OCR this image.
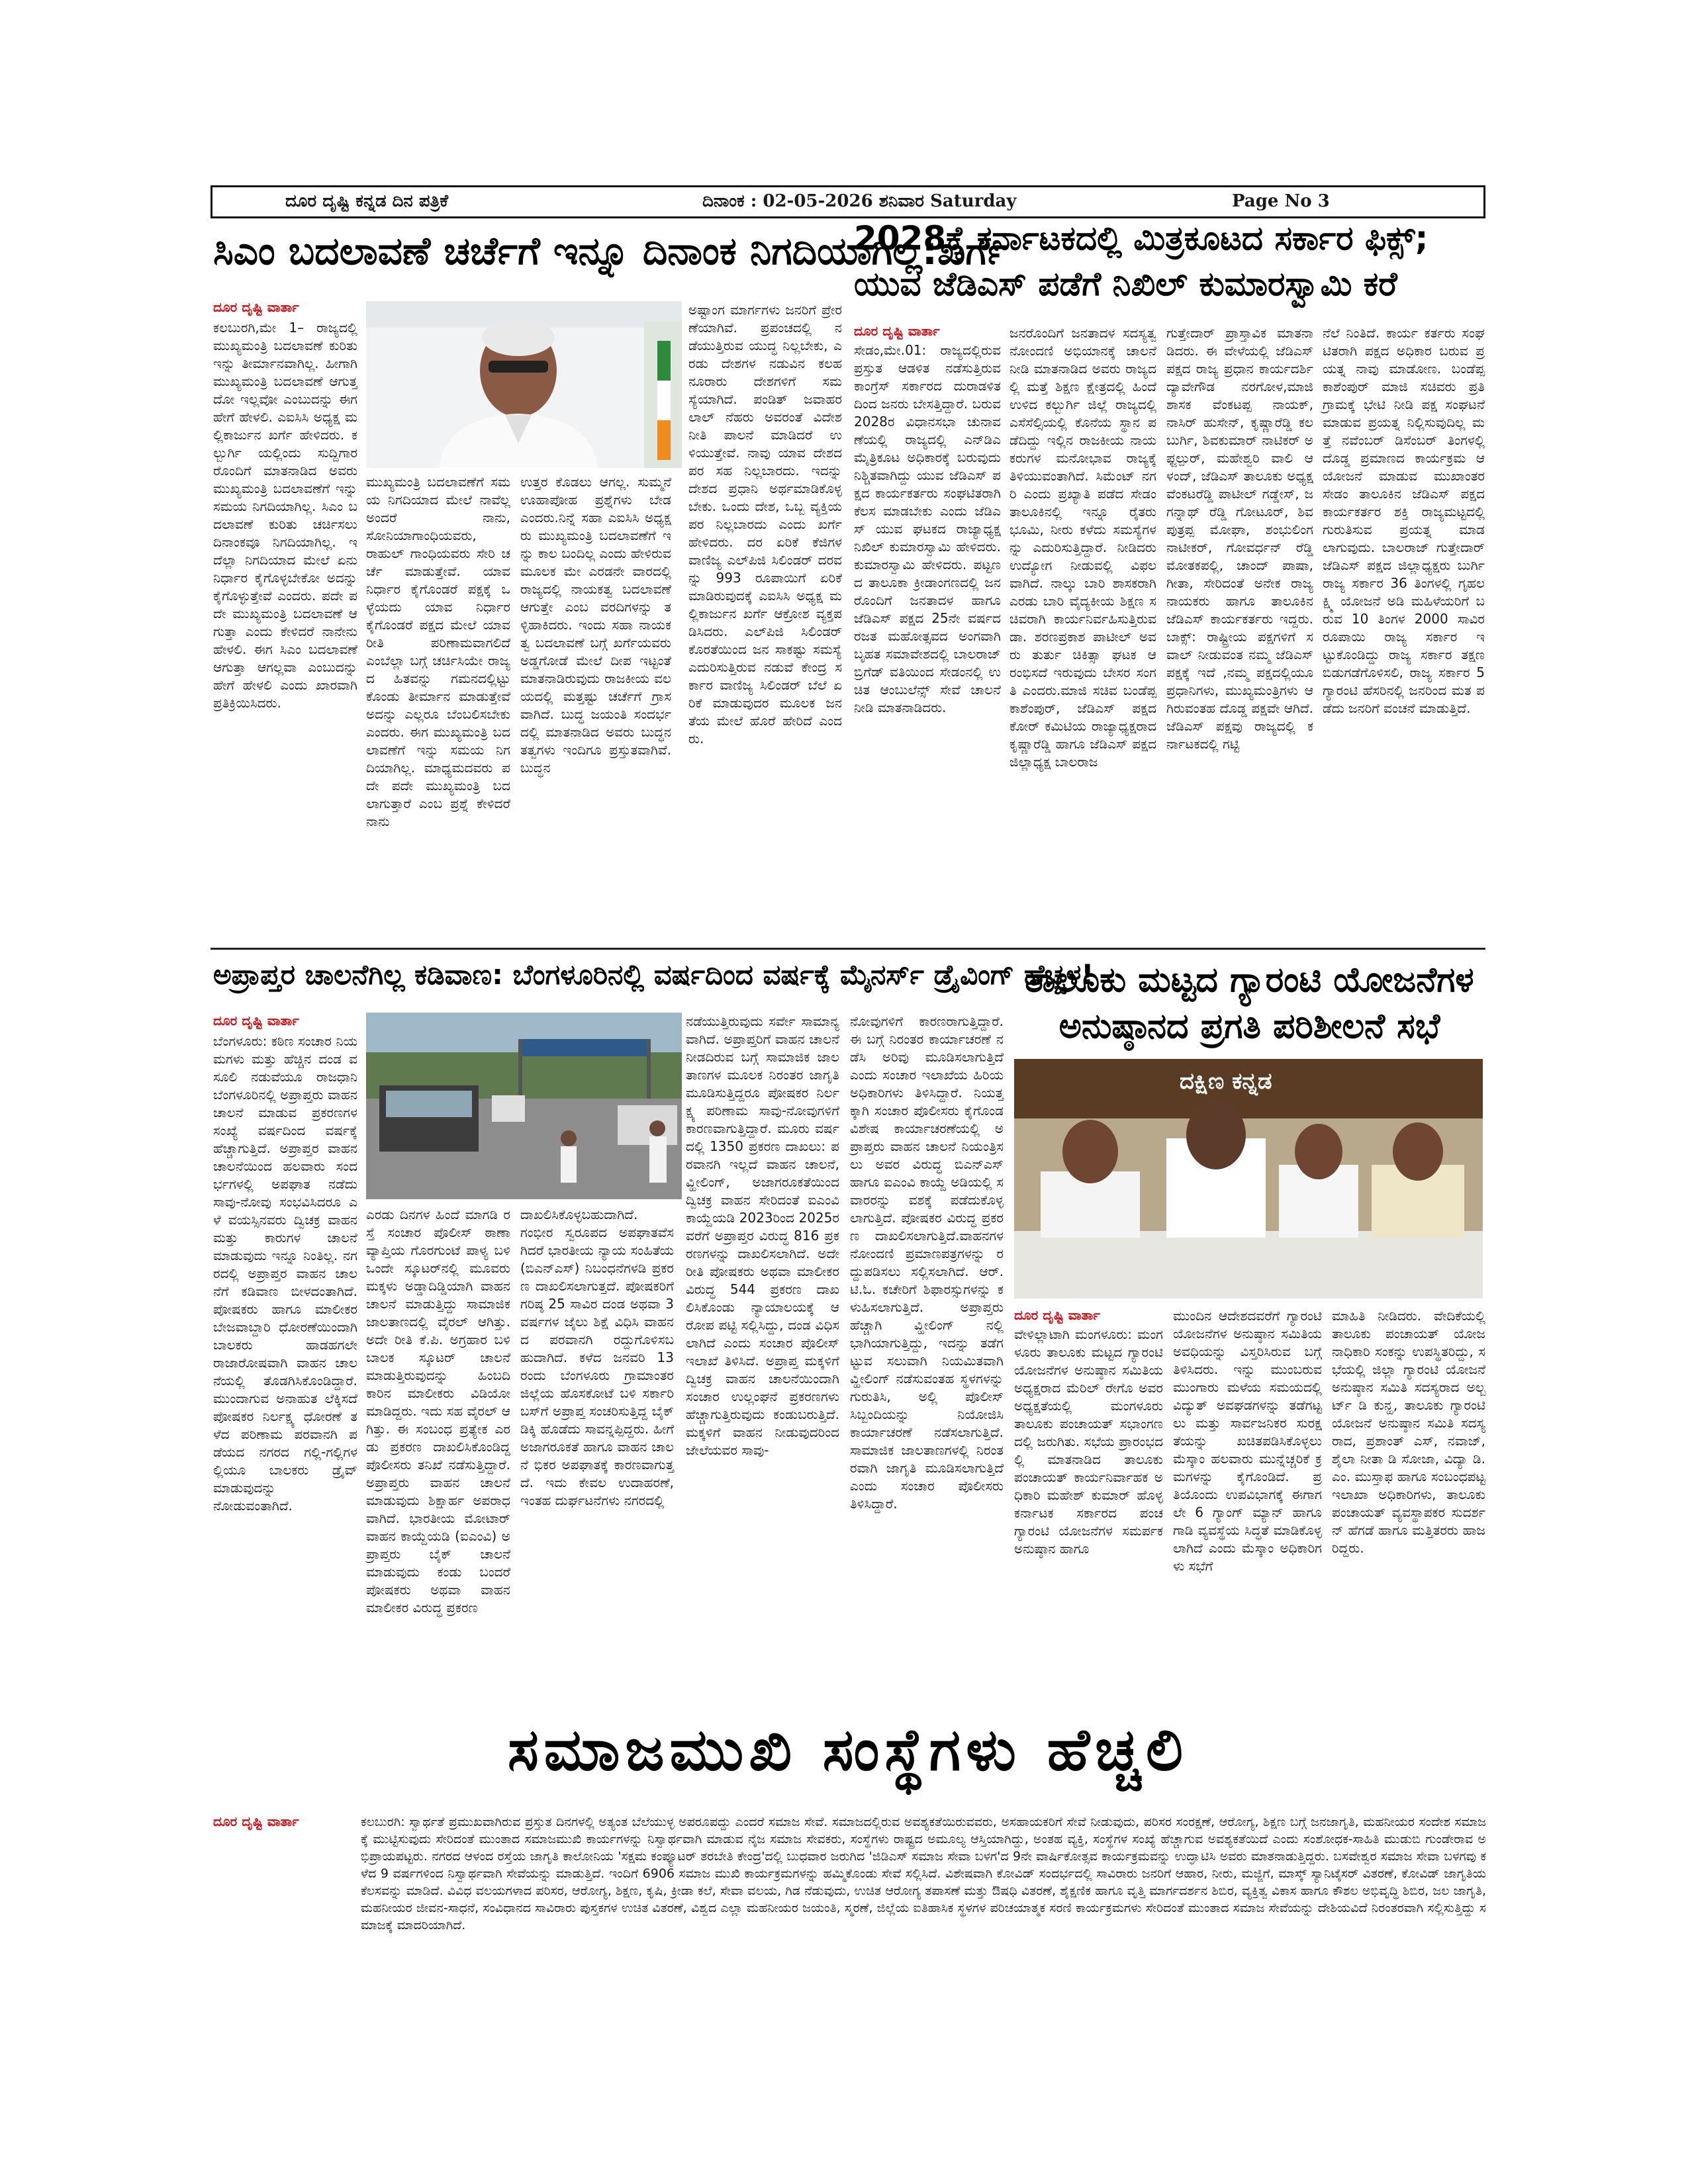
ದೂರ ದೃಷ್ಟಿ ಕನ್ನಡ ದಿನ ಪತ್ರಿಕೆ	ದಿನಾಂಕ : 02-05-2026 ಶನಿವಾರ Saturday	Page No 3
ಸಿಎಂ ಬದಲಾವಣೆ ಚರ್ಚೆಗೆ ಇನ್ನೂ ದಿನಾಂಕ ನಿಗದಿಯಾಗಿಲ್ಲ:ಖರ್ಗೆ
ದೂರ ದೃಷ್ಟಿ ವಾರ್ತಾ
ಕಲಬುರಗಿ,ಮೇ 1– ರಾಜ್ಯದಲ್ಲಿ ಮುಖ್ಯಮಂತ್ರಿ ಬದಲಾವಣೆ ಕುರಿತು ಇನ್ನು ತೀರ್ಮಾನವಾಗಿಲ್ಲ. ಹೀಗಾಗಿ ಮುಖ್ಯಮಂತ್ರಿ ಬದಲಾವಣೆ ಆಗುತ್ತದೋ ಇಲ್ಲವೋ ಎಂಬುದನ್ನು ಈಗ ಹೇಗೆ ಹೇಳಲಿ. ಎಐಸಿಸಿ ಅಧ್ಯಕ್ಷ ಮಲ್ಲಿಕಾರ್ಜುನ ಖರ್ಗೆ ಹೇಳಿದರು. ಕಲ್ಬುರ್ಗಿ ಯಲ್ಲಿಂದು ಸುದ್ದಿಗಾರ ರೊಂದಿಗೆ ಮಾತನಾಡಿದ ಅವರು ಮುಖ್ಯಮಂತ್ರಿ ಬದಲಾವಣೆಗೆ ಇನ್ನು ಸಮಯ ನಿಗದಿಯಾಗಿಲ್ಲ. ಸಿಎಂ ಬದಲಾವಣೆ ಕುರಿತು ಚರ್ಚಿಸಲು ದಿನಾಂಕವೂ ನಿಗದಿಯಾಗಿಲ್ಲ. ಇದೆಲ್ಲಾ ನಿಗದಿಯಾದ ಮೇಲೆ ಏನು ನಿರ್ಧಾರ ಕೈಗೊಳ್ಳಬೇಕೋ ಅದನ್ನು ಕೈಗೊಳ್ಳುತ್ತೇವೆ ಎಂದರು. ಪದೇ ಪದೇ ಮುಖ್ಯಮಂತ್ರಿ ಬದಲಾವಣೆ ಆಗುತ್ತಾ ಎಂದು ಕೇಳಿದರೆ ನಾನೇನು ಹೇಳಲಿ. ಈಗ ಸಿಎಂ ಬದಲಾವಣೆ ಆಗುತ್ತಾ ಆಗಲ್ಲವಾ ಎಂಬುದನ್ನು ಹೇಗೆ ಹೇಳಲಿ ಎಂದು ಖಾರವಾಗಿ ಪ್ರತಿಕ್ರಿಯಿಸಿದರು.
ಮುಖ್ಯಮಂತ್ರಿ ಬದಲಾವಣೆಗೆ ಸಮಯ ನಿಗದಿಯಾದ ಮೇಲೆ ನಾವೆಲ್ಲ ಅಂದರೆ ನಾನು, ಸೋನಿಯಾಗಾಂಧಿಯವರು, ರಾಹುಲ್ ಗಾಂಧಿಯವರು ಸೇರಿ ಚರ್ಚೆ ಮಾಡುತ್ತೇವೆ. ಯಾವ ನಿರ್ಧಾರ ಕೈಗೊಂಡರೆ ಪಕ್ಷಕ್ಕೆ ಒಳ್ಳೆಯದು ಯಾವ ನಿರ್ಧಾರ ಕೈಗೊಂಡರೆ ಪಕ್ಷದ ಮೇಲೆ ಯಾವ ರೀತಿ ಪರಿಣಾಮವಾಗಲಿದೆ ಎಂಬೆಲ್ಲಾ ಬಗ್ಗೆ ಚರ್ಚಿಸಿಯೇ ರಾಜ್ಯದ ಹಿತವನ್ನು ಗಮನದಲ್ಲಿಟ್ಟು ಕೊಂಡು ತೀರ್ಮಾನ ಮಾಡುತ್ತೇವೆ ಅದನ್ನು ಎಲ್ಲರೂ ಬೆಂಬಲಿಸಬೇಕು ಎಂದರು. ಈಗ ಮುಖ್ಯಮಂತ್ರಿ ಬದಲಾವಣೆಗೆ ಇನ್ನು ಸಮಯ ನಿಗದಿಯಾಗಿಲ್ಲ. ಮಾಧ್ಯಮದವರು ಪದೇ ಪದೇ ಮುಖ್ಯಮಂತ್ರಿ ಬದಲಾಗುತ್ತಾರೆ ಎಂಬ ಪ್ರಶ್ನೆ ಕೇಳಿದರೆ ನಾನು
ಉತ್ತರ ಕೊಡಲು ಆಗಲ್ಲ. ಸುಮ್ಮನೆ ಊಹಾಪೋಹ ಪ್ರಶ್ನೆಗಳು ಬೇಡ ಎಂದರು.ನಿನ್ನೆ ಸಹಾ ಎಐಸಿಸಿ ಅಧ್ಯಕ್ಷರು ಮುಖ್ಯಮಂತ್ರಿ ಬದಲಾವಣೆಗೆ ಇನ್ನು ಕಾಲ ಬಂದಿಲ್ಲ ಎಂದು ಹೇಳಿರುವ ಮೂಲಕ ಮೇ ಎರಡನೇ ವಾರದಲ್ಲಿ ರಾಜ್ಯದಲ್ಲಿ ನಾಯಕತ್ವ ಬದಲಾವಣೆ ಆಗುತ್ತೇ ಎಂಬ ವರದಿಗಳನ್ನು ತಳ್ಳಿಹಾಕಿದರು. ಇಂದು ಸಹಾ ನಾಯಕತ್ವ ಬದಲಾವಣೆ ಬಗ್ಗೆ ಖರ್ಗೆಯವರು ಅಡ್ಡಗೋಡೆ ಮೇಲೆ ದೀಪ ಇಟ್ಟಂತೆ ಮಾತನಾಡಿರುವುದು ರಾಜಕೀಯ ವಲಯದಲ್ಲಿ ಮತ್ತಷ್ಟು ಚರ್ಚೆಗೆ ಗ್ರಾಸವಾಗಿದೆ. ಬುದ್ಧ ಜಯಂತಿ ಸಂದರ್ಭದಲ್ಲಿ ಮಾತನಾಡಿದ ಅವರು ಬುದ್ಧನ ತತ್ವಗಳು ಇಂದಿಗೂ ಪ್ರಸ್ತುತವಾಗಿವೆ. ಬುದ್ಧನ
ಅಷ್ಟಾಂಗ ಮಾರ್ಗಗಳು ಜನರಿಗೆ ಪ್ರೇರಣೆಯಾಗಿವೆ. ಪ್ರಪಂಚದಲ್ಲಿ ನಡೆಯುತ್ತಿರುವ ಯುದ್ಧ ನಿಲ್ಲಬೇಕು, ಎರಡು ದೇಶಗಳ ನಡುವಿನ ಕಲಹ ನೂರಾರು ದೇಶಗಳಿಗೆ ಸಮಸ್ಯೆಯಾಗಿದೆ. ಪಂಡಿತ್ ಜವಾಹರಲಾಲ್ ನೆಹರು ಅವರಂತೆ ವಿದೇಶ ನೀತಿ ಪಾಲನೆ ಮಾಡಿದರೆ ಉಳಿಯುತ್ತೇವೆ. ನಾವು ಯಾವ ದೇಶದ ಪರ ಸಹ ನಿಲ್ಲಬಾರದು. ಇದನ್ನು ದೇಶದ ಪ್ರಧಾನಿ ಅರ್ಥಮಾಡಿಕೊಳ್ಳಬೇಕು. ಒಂದು ದೇಶ, ಒಬ್ಬ ವ್ಯಕ್ತಿಯ ಪರ ನಿಲ್ಲಬಾರದು ಎಂದು ಖರ್ಗೆ ಹೇಳಿದರು. ದರ ಏರಿಕೆ ಕೆಜಿಗಳ ವಾಣಿಜ್ಯ ಎಲ್‌ಪಿಜಿ ಸಿಲಿಂಡರ್ ದರವನ್ನು 993 ರೂಪಾಯಿಗೆ ಏರಿಕೆ ಮಾಡಿರುವುದಕ್ಕೆ ಎಐಸಿಸಿ ಅಧ್ಯಕ್ಷ ಮಲ್ಲಿಕಾರ್ಜುನ ಖರ್ಗೆ ಆಕ್ರೋಶ ವ್ಯಕ್ತಪಡಿಸಿದರು. ಎಲ್‌ಪಿಜಿ ಸಿಲಿಂಡರ್ ಕೊರತೆಯಿಂದ ಜನ ಸಾಕಷ್ಟು ಸಮಸ್ಯೆ ಎದುರಿಸುತ್ತಿರುವ ನಡುವೆ ಕೇಂದ್ರ ಸರ್ಕಾರ ವಾಣಿಜ್ಯ ಸಿಲಿಂಡರ್ ಬೆಲೆ ಏರಿಕೆ ಮಾಡುವುದರ ಮೂಲಕ ಜನತೆಯ ಮೇಲೆ ಹೊರೆ ಹೇರಿದೆ ಎಂದರು.
2028ಕ್ಕೆ ಕರ್ನಾಟಕದಲ್ಲಿ ಮಿತ್ರಕೂಟದ ಸರ್ಕಾರ ಫಿಕ್ಸ್;
ಯುವ ಜೆಡಿಎಸ್ ಪಡೆಗೆ ನಿಖಿಲ್ ಕುಮಾರಸ್ವಾಮಿ ಕರೆ
ದೂರ ದೃಷ್ಟಿ ವಾರ್ತಾ
ಸೇಡಂ,ಮೇ.01: ರಾಜ್ಯದಲ್ಲಿರುವ ಪ್ರಸ್ತುತ ಆಡಳಿತ ನಡೆಸುತ್ತಿರುವ ಕಾಂಗ್ರೆಸ್ ಸರ್ಕಾರದ ದುರಾಡಳಿತದಿಂದ ಜನರು ಬೇಸತ್ತಿದ್ದಾರೆ. ಬರುವ 2028ರ ವಿಧಾನಸಭಾ ಚುನಾವಣೆಯಲ್ಲಿ ರಾಜ್ಯದಲ್ಲಿ ಎನ್‌ಡಿಎ ಮೈತ್ರಿಕೂಟ ಅಧಿಕಾರಕ್ಕೆ ಬರುವುದು ನಿಶ್ಚಿತವಾಗಿದ್ದು ಯುವ ಜೆಡಿಎಸ್ ಪಕ್ಷದ ಕಾರ್ಯಕರ್ತರು ಸಂಘಟಿತರಾಗಿ ಕೆಲಸ ಮಾಡಬೇಕು ಎಂದು ಜೆಡಿಎಸ್ ಯುವ ಘಟಕದ ರಾಜ್ಯಾಧ್ಯಕ್ಷ ನಿಖಿಲ್ ಕುಮಾರಸ್ವಾಮಿ ಹೇಳಿದರು. ಕುಮಾರಸ್ವಾಮಿ ಹೇಳಿದರು. ಪಟ್ಟಣದ ತಾಲೂಕಾ ಕ್ರೀಡಾಂಗಣದಲ್ಲಿ ಜನರೊಂದಿಗೆ ಜನತಾದಳ ಹಾಗೂ ಜೆಡಿಎಸ್ ಪಕ್ಷದ 25ನೇ ವರ್ಷದ ರಜತ ಮಹೋತ್ಸವದ ಅಂಗವಾಗಿ ಬೃಹತ ಸಮಾವೇಶದಲ್ಲಿ ಬಾಲರಾಜ್ ಬ್ರಿಗೆಡ್ ವತಿಯಿಂದ ಸೇಡಂನಲ್ಲಿ ಉಚಿತ ಆಂಬುಲೆನ್ಸ್ ಸೇವೆ ಚಾಲನೆ ನೀಡಿ ಮಾತನಾಡಿದರು.
ಜನರೊಂದಿಗೆ ಜನತಾದಳ ಸದಸ್ಯತ್ವ ನೋಂದಣಿ ಅಭಿಯಾನಕ್ಕೆ ಚಾಲನೆ ನೀಡಿ ಮಾತನಾಡಿದ ಅವರು ರಾಜ್ಯದಲ್ಲಿ ಮತ್ತೆ ಶಿಕ್ಷಣ ಕ್ಷೇತ್ರದಲ್ಲಿ ಹಿಂದೆ ಉಳಿದ ಕಲ್ಬುರ್ಗಿ ಜಿಲ್ಲೆ ರಾಜ್ಯದಲ್ಲಿ ಎಸೆಸೆಲ್ಸಿಯಲ್ಲಿ ಕೊನೆಯ ಸ್ಥಾನ ಪಡೆದಿದ್ದು ಇಲ್ಲಿನ ರಾಜಕೀಯ ನಾಯಕರುಗಳ ಮನೋಭಾವ ರಾಜ್ಯಕ್ಕೆ ತಿಳಿಯುವಂತಾಗಿದೆ. ಸಿಮೆಂಟ್ ನಗರಿ ಎಂದು ಪ್ರಖ್ಯಾತಿ ಪಡೆದ ಸೇಡಂ ತಾಲೂಕಿನಲ್ಲಿ ಇನ್ನೂ ರೈತರು ಭೂಮಿ, ನೀರು ಕಳೆದು ಸಮಸ್ಯೆಗಳನ್ನು ಎದುರಿಸುತ್ತಿದ್ದಾರೆ. ನೀಡಿದರು ಉದ್ಯೋಗ ನೀಡುವಲ್ಲಿ ವಿಫಲವಾಗಿದೆ. ನಾಲ್ಕು ಬಾರಿ ಶಾಸಕರಾಗಿ ಎರಡು ಬಾರಿ ವೈದ್ಯಕೀಯ ಶಿಕ್ಷಣ ಸಚಿವರಾಗಿ ಕಾರ್ಯನಿರ್ವಹಿಸುತ್ತಿರುವ ಡಾ. ಶರಣಪ್ರಕಾಶ ಪಾಟೀಲ್ ಅವರು ತುರ್ತು ಚಿಕಿತ್ಸಾ ಘಟಕ ಆರಂಭಿಸದೆ ಇರುವುದು ಬೇಸರ ಸಂಗತಿ ಎಂದರು.ಮಾಜಿ ಸಚಿವ ಬಂಡೆಪ್ಪ ಕಾಶೆಂಪುರ್, ಜೆಡಿಎಸ್ ಪಕ್ಷದ ಕೋರ್ ಕಮಿಟಿಯ ರಾಜ್ಯಾಧ್ಯಕ್ಷರಾದ ಕೃಷ್ಣಾರೆಡ್ಡಿ ಹಾಗೂ ಜೆಡಿಎಸ್ ಪಕ್ಷದ ಜಿಲ್ಲಾಧ್ಯಕ್ಷ ಬಾಲರಾಜ
ಗುತ್ತೇದಾರ್ ಪ್ರಾಸ್ತಾವಿಕ ಮಾತನಾ ಡಿದರು. ಈ ವೇಳೆಯಲ್ಲಿ ಜೆಡಿಎಸ್ ಪಕ್ಷದ ರಾಜ್ಯ ಪ್ರಧಾನ ಕಾರ್ಯದರ್ಶಿ ದ್ಯಾವೇಗೌಡ ನರಗೋಳ,ಮಾಜಿ ಶಾಸಕ ವೆಂಕಟಪ್ಪ ನಾಯಕ್, ನಾಸಿರ್ ಹುಸೇನ್, ಕೃಷ್ಣಾರೆಡ್ಡಿ ಕಲಬುರ್ಗಿ, ಶಿವಕುಮಾರ್ ನಾಟಿಕರ್ ಅಫ್ಜಲ್ಪುರ್, ಮಹೇಶ್ವರಿ ವಾಲಿ ಆಳಂದ್, ಜೆಡಿಎಸ್ ತಾಲೂಕು ಅಧ್ಯಕ್ಷ ವೆಂಕಟರೆಡ್ಡಿ ಪಾಟೀಲ್ ಗಡ್ಡೇಸ್, ಜಗನ್ನಾಥ್ ರೆಡ್ಡಿ ಗೋಟೂರ್, ಶಿವಪುತ್ರಪ್ಪ ಮೋಘಾ, ಶಂಭುಲಿಂಗ ನಾಟೀಕರ್, ಗೋವರ್ಧನ್ ರೆಡ್ಡಿ ಮೋತಕಪಲ್ಲಿ, ಚಾಂದ್ ಪಾಷಾ, ಗೀತಾ, ಸೇರಿದಂತೆ ಅನೇಕ ರಾಜ್ಯ ನಾಯಕರು ಹಾಗೂ ತಾಲೂಕಿನ ಜೆಡಿಎಸ್ ಕಾರ್ಯಕರ್ತರು ಇದ್ದರು. ಬಾಕ್ಸ್: ರಾಷ್ಟ್ರೀಯ ಪಕ್ಷಗಳಿಗೆ ಸವಾಲ್ ನೀಡುವಂತ ನಮ್ಮ ಜೆಡಿಎಸ್ ಪಕ್ಷಕ್ಕೆ ಇದೆ ,ನಮ್ಮ ಪಕ್ಷದಲ್ಲಿಯೂ ಪ್ರಧಾನಿಗಳು, ಮುಖ್ಯಮಂತ್ರಿಗಳು ಆಗಿರುವಂತಹ ದೊಡ್ಡ ಪಕ್ಷವೇ ಆಗಿದೆ. ಜೆಡಿಎಸ್ ಪಕ್ಷವು ರಾಜ್ಯದಲ್ಲಿ ಕರ್ನಾಟಕದಲ್ಲಿ ಗಟ್ಟಿ
ನೆಲೆ ನಿಂತಿದೆ. ಕಾರ್ಯ ಕರ್ತರು ಸಂಘಟಿತರಾಗಿ ಪಕ್ಷದ ಅಧಿಕಾರ ಬರುವ ಪ್ರಯತ್ನ ನಾವು ಮಾಡೋಣ. ಬಂಡೆಪ್ಪ ಕಾಶೆಂಪುರ್ ಮಾಜಿ ಸಚಿವರು ಪ್ರತಿ ಗ್ರಾಮಕ್ಕೆ ಭೇಟಿ ನೀಡಿ ಪಕ್ಷ ಸಂಘಟನೆ ಮಾಡುವ ಪ್ರಯತ್ನ ನಿಲ್ಲಿಸುವುದಿಲ್ಲ ಮತ್ತೆ ನವೆಂಬರ್ ಡಿಸೆಂಬರ್ ತಿಂಗಳಲ್ಲಿ ದೊಡ್ಡ ಪ್ರಮಾಣದ ಕಾರ್ಯಕ್ರಮ ಆಯೋಜನೆ ಮಾಡುವ ಮುಖಾಂತರ ಸೇಡಂ ತಾಲೂಕಿನ ಜೆಡಿಎಸ್ ಪಕ್ಷದ ಕಾರ್ಯಕರ್ತರ ಶಕ್ತಿ ರಾಜ್ಯಮಟ್ಟದಲ್ಲಿ ಗುರುತಿಸುವ ಪ್ರಯತ್ನ ಮಾಡಲಾಗುವುದು. ಬಾಲರಾಜ್ ಗುತ್ತೇದಾರ್ ಜೆಡಿಎಸ್ ಪಕ್ಷದ ಜಿಲ್ಲಾಧ್ಯಕ್ಷರು ಬುರ್ಗಿ ರಾಜ್ಯ ಸರ್ಕಾರ 36 ತಿಂಗಳಲ್ಲಿ ಗೃಹಲಕ್ಷ್ಮಿ ಯೋಜನೆ ಅಡಿ ಮಹಿಳೆಯರಿಗೆ ಬರುವ 10 ತಿಂಗಳ 2000 ಸಾವಿರ ರೂಪಾಯಿ ರಾಜ್ಯ ಸರ್ಕಾರ ಇಟ್ಟುಕೊಂಡಿದ್ದು ರಾಜ್ಯ ಸರ್ಕಾರ ತಕ್ಷಣ ಬಿಡುಗಡೆಗೊಳಿಸಲಿ, ರಾಜ್ಯ ಸರ್ಕಾರ 5 ಗ್ಯಾರಂಟಿ ಹೆಸರಿನಲ್ಲಿ ಜನರಿಂದ ಮತ ಪಡೆದು ಜನರಿಗೆ ವಂಚನೆ ಮಾಡುತ್ತಿದೆ.
ಅಪ್ರಾಪ್ತರ ಚಾಲನೆಗಿಲ್ಲ ಕಡಿವಾಣ: ಬೆಂಗಳೂರಿನಲ್ಲಿ ವರ್ಷದಿಂದ ವರ್ಷಕ್ಕೆ ಮೈನರ್ಸ್ ಡ್ರೈವಿಂಗ್ ಹೆಚ್ಚಳ!
ದೂರ ದೃಷ್ಟಿ ವಾರ್ತಾ
ಬೆಂಗಳೂರು: ಕಠಿಣ ಸಂಚಾರ ನಿಯಮಗಳು ಮತ್ತು ಹೆಚ್ಚಿನ ದಂಡ ವಸೂಲಿ ನಡುವೆಯೂ ರಾಜಧಾನಿ ಬೆಂಗಳೂರಿನಲ್ಲಿ ಅಪ್ರಾಪ್ತರು ವಾಹನ ಚಾಲನೆ ಮಾಡುವ ಪ್ರಕರಣಗಳ ಸಂಖ್ಯೆ ವರ್ಷದಿಂದ ವರ್ಷಕ್ಕೆ ಹೆಚ್ಚಾಗುತ್ತಿದೆ. ಅಪ್ರಾಪ್ತರ ವಾಹನ ಚಾಲನೆಯಿಂದ ಹಲವಾರು ಸಂದರ್ಭಗಳಲ್ಲಿ ಅಪಘಾತ ನಡೆದು ಸಾವು-ನೋವು ಸಂಭವಿಸಿದರೂ ಎಳೆ ವಯಸ್ಸಿನವರು ದ್ವಿಚಕ್ರ ವಾಹನ ಮತ್ತು ಕಾರುಗಳ ಚಾಲನೆ ಮಾಡುವುದು ಇನ್ನೂ ನಿಂತಿಲ್ಲ. ನಗರದಲ್ಲಿ ಅಪ್ರಾಪ್ತರ ವಾಹನ ಚಾಲನೆಗೆ ಕಡಿವಾಣ ಬೀಳದಂತಾಗಿದೆ. ಪೋಷಕರು ಹಾಗೂ ಮಾಲೀಕರ ಬೇಜವಾಬ್ದಾರಿ ಧೋರಣೆಯಿಂದಾಗಿ ಬಾಲಕರು ಹಾಡಹಗಲೇ ರಾಜಾರೋಷವಾಗಿ ವಾಹನ ಚಾಲನೆಯಲ್ಲಿ ತೊಡಗಿಸಿಕೊಂಡಿದ್ದಾರೆ. ಮುಂದಾಗುವ ಅನಾಹುತ ಲೆಕ್ಕಿಸದೆ ಪೋಷಕರ ನಿರ್ಲಕ್ಷ್ಯ ಧೋರಣೆ ತಳೆದ ಪರಿಣಾಮ ಪರವಾನಗಿ ಪಡೆಯದ ನಗರದ ಗಲ್ಲಿ-ಗಲ್ಲಿಗಳಲ್ಲಿಯೂ ಬಾಲಕರು ಡ್ರೈವ್ ಮಾಡುವುದನ್ನು ನೋಡುವಂತಾಗಿದೆ.
ಎರಡು ದಿನಗಳ ಹಿಂದೆ ಮಾಗಡಿ ರಸ್ತೆ ಸಂಚಾರ ಪೊಲೀಸ್ ಠಾಣಾ ವ್ಯಾಪ್ತಿಯ ಗೊರಗುಂಟೆ ಪಾಳ್ಯ ಬಳಿ ಒಂದೇ ಸ್ಕೂಟರ್‌ನಲ್ಲಿ ಮೂವರು ಮಕ್ಕಳು ಅಡ್ಡಾದಿಡ್ಡಿಯಾಗಿ ವಾಹನ ಚಾಲನೆ ಮಾಡುತ್ತಿದ್ದು ಸಾಮಾಜಿಕ ಜಾಲತಾಣದಲ್ಲಿ ವೈರಲ್ ಆಗಿತ್ತು. ಅದೇ ರೀತಿ ಕೆ.ಪಿ. ಅಗ್ರಹಾರ ಬಳಿ ಬಾಲಕ ಸ್ಕೂಟರ್ ಚಾಲನೆ ಮಾಡುತ್ತಿರುವುದನ್ನು ಹಿಂಬದಿ ಕಾರಿನ ಮಾಲೀಕರು ವಿಡಿಯೋ ಮಾಡಿದ್ದರು. ಇದು ಸಹ ವೈರಲ್ ಆಗಿತ್ತು. ಈ ಸಂಬಂಧ ಪ್ರತ್ಯೇಕ ಎರಡು ಪ್ರಕರಣ ದಾಖಲಿಸಿಕೊಂಡಿದ್ದ ಪೊಲೀಸರು ತನಿಖೆ ನಡೆಸುತ್ತಿದ್ದಾರೆ. ಅಪ್ರಾಪ್ತರು ವಾಹನ ಚಾಲನೆ ಮಾಡುವುದು ಶಿಕ್ಷಾರ್ಹ ಅಪರಾಧವಾಗಿದೆ. ಭಾರತೀಯ ಮೋಟಾರ್ ವಾಹನ ಕಾಯ್ದೆಯಡಿ (ಐಎಂವಿ) ಅಪ್ರಾಪ್ತರು ಬೈಕ್ ಚಾಲನೆ ಮಾಡುವುದು ಕಂಡು ಬಂದರೆ ಪೋಷಕರು ಅಥವಾ ವಾಹನ ಮಾಲೀಕರ ವಿರುದ್ಧ ಪ್ರಕರಣ
ದಾಖಲಿಸಿಕೊಳ್ಳಬಹುದಾಗಿದೆ. ಗಂಭೀರ ಸ್ವರೂಪದ ಅಪಘಾತವೆಸಗಿದರೆ ಭಾರತೀಯ ನ್ಯಾಯ ಸಂಹಿತೆಯ (ಬಿಎನ್‌ಎಸ್) ನಿಬಂಧನೆಗಳಡಿ ಪ್ರಕರಣ ದಾಖಲಿಸಲಾಗುತ್ತದೆ. ಪೋಷಕರಿಗೆ ಗರಿಷ್ಠ 25 ಸಾವಿರ ದಂಡ ಅಥವಾ 3 ವರ್ಷಗಳ ಜೈಲು ಶಿಕ್ಷೆ ವಿಧಿಸಿ ವಾಹನದ ಪರವಾನಗಿ ರದ್ದುಗೊಳಿಸಬಹುದಾಗಿದೆ. ಕಳೆದ ಜನವರಿ 13ರಂದು ಬೆಂಗಳೂರು ಗ್ರಾಮಾಂತರ ಜಿಲ್ಲೆಯ ಹೊಸಕೋಟೆ ಬಳಿ ಸರ್ಕಾರಿ ಬಸ್‌ಗೆ ಅಪ್ರಾಪ್ತ ಸಂಚರಿಸುತ್ತಿದ್ದ ಬೈಕ್ ಡಿಕ್ಕಿ ಹೊಡೆದು ಸಾವನ್ನಪ್ಪಿದ್ದರು. ಹೀಗೆ ಅಜಾಗರೂಕತೆ ಹಾಗೂ ವಾಹನ ಚಾಲನೆ ಭಿಕರ ಅಪಘಾತಕ್ಕೆ ಕಾರಣವಾಗುತ್ತದೆ. ಇದು ಕೇವಲ ಉದಾಹರಣೆ, ಇಂತಹ ದುರ್ಘಟನೆಗಳು ನಗರದಲ್ಲಿ
ನಡೆಯುತ್ತಿರುವುದು ಸರ್ವೇ ಸಾಮಾನ್ಯವಾಗಿದೆ. ಅಪ್ರಾಪ್ತರಿಗೆ ವಾಹನ ಚಾಲನೆ ನೀಡದಿರುವ ಬಗ್ಗೆ ಸಾಮಾಜಿಕ ಜಾಲತಾಣಗಳ ಮೂಲಕ ನಿರಂತರ ಜಾಗೃತಿ ಮೂಡಿಸುತ್ತಿದ್ದರೂ ಪೋಷಕರ ನಿರ್ಲಕ್ಷ್ಯ ಪರಿಣಾಮ ಸಾವು-ನೋವುಗಳಿಗೆ ಕಾರಣವಾಗುತ್ತಿದ್ದಾರೆ. ಮೂರು ವರ್ಷದಲ್ಲಿ 1350 ಪ್ರಕರಣ ದಾಖಲು: ಪರವಾನಗಿ ಇಲ್ಲದೆ ವಾಹನ ಚಾಲನೆ, ವ್ಹೀಲಿಂಗ್, ಅಜಾಗರೂಕತೆಯಿಂದ ದ್ವಿಚಕ್ರ ವಾಹನ ಸೇರಿದಂತೆ ಐಎಂವಿ ಕಾಯ್ದೆಯಡಿ 2023ರಿಂದ 2025ರವರೆಗೆ ಅಪ್ರಾಪ್ತರ ವಿರುದ್ಧ 816 ಪ್ರಕರಣಗಳನ್ನು ದಾಖಲಿಸಲಾಗಿದೆ. ಅದೇ ರೀತಿ ಪೋಷಕರು ಅಥವಾ ಮಾಲೀಕರ ವಿರುದ್ಧ 544 ಪ್ರಕರಣ ದಾಖಲಿಸಿಕೊಂಡು ನ್ಯಾಯಾಲಯಕ್ಕೆ ಆರೋಪ ಪಟ್ಟಿ ಸಲ್ಲಿಸಿದ್ದು, ದಂಡ ವಿಧಿಸಲಾಗಿದೆ ಎಂದು ಸಂಚಾರ ಪೊಲೀಸ್ ಇಲಾಖೆ ತಿಳಿಸಿದೆ. ಅಪ್ರಾಪ್ತ ಮಕ್ಕಳಿಗೆ ದ್ವಿಚಕ್ರ ವಾಹನ ಚಾಲನೆಯಿಂದಾಗಿ ಸಂಚಾರ ಉಲ್ಲಂಘನೆ ಪ್ರಕರಣಗಳು ಹೆಚ್ಚಾಗುತ್ತಿರುವುದು ಕಂಡುಬರುತ್ತಿದೆ. ಮಕ್ಕಳಿಗೆ ವಾಹನ ನೀಡುವುದರಿಂದ ಜೇಲೆಯವರ ಸಾವು-
ನೋವುಗಳಿಗೆ ಕಾರಣರಾಗುತ್ತಿದ್ದಾರೆ. ಈ ಬಗ್ಗೆ ನಿರಂತರ ಕಾರ್ಯಾಚರಣೆ ನಡೆಸಿ ಅರಿವು ಮೂಡಿಸಲಾಗುತ್ತಿದೆ ಎಂದು ಸಂಚಾರ ಇಲಾಖೆಯ ಹಿರಿಯ ಅಧಿಕಾರಿಗಳು ತಿಳಿಸಿದ್ದಾರೆ. ನಿಯತ್ತಕ್ಕಾಗಿ ಸಂಚಾರ ಪೊಲೀಸರು ಕೈಗೊಂಡ ವಿಶೇಷ ಕಾರ್ಯಾಚರಣೆಯಲ್ಲಿ ಅಪ್ರಾಪ್ತರು ವಾಹನ ಚಾಲನೆ ನಿಯಂತ್ರಿಸಲು ಅವರ ವಿರುದ್ಧ ಬಿಎನ್‌ಎಸ್ ಹಾಗೂ ಐಎಂವಿ ಕಾಯ್ದೆ ಅಡಿಯಲ್ಲಿ ಸವಾರರನ್ನು ವಶಕ್ಕೆ ಪಡೆದುಕೊಳ್ಳಲಾಗುತ್ತಿದೆ. ಪೋಷಕರ ವಿರುದ್ಧ ಪ್ರಕರಣ ದಾಖಲಿಸಲಾಗುತ್ತಿದೆ.ವಾಹನಗಳ ನೋಂದಣಿ ಪ್ರಮಾಣಪತ್ರಗಳನ್ನು ರದ್ದುಪಡಿಸಲು ಸಲ್ಲಿಸಲಾಗಿದೆ. ಆರ್.ಟಿ.ಓ. ಕಚೇರಿಗೆ ಶಿಫಾರಸ್ಸುಗಳನ್ನು ಕಳುಹಿಸಲಾಗುತ್ತಿದೆ. ಅಪ್ರಾಪ್ತರು ಹೆಚ್ಚಾಗಿ ವ್ಹೀಲಿಂಗ್ ನಲ್ಲಿ ಭಾಗಿಯಾಗುತ್ತಿದ್ದು, ಇದನ್ನು ತಡೆಗಟ್ಟುವ ಸಲುವಾಗಿ ನಿಯಮಿತವಾಗಿ ವ್ಹೀಲಿಂಗ್ ನಡೆಸುವಂತಹ ಸ್ಥಳಗಳನ್ನು ಗುರುತಿಸಿ, ಅಲ್ಲಿ ಪೊಲೀಸ್ ಸಿಬ್ಬಂದಿಯನ್ನು ನಿಯೋಜಿಸಿ ಕಾರ್ಯಾಚರಣೆ ನಡೆಸಲಾಗುತ್ತಿದೆ. ಸಾಮಾಜಿಕ ಜಾಲತಾಣಗಳಲ್ಲಿ ನಿರಂತರವಾಗಿ ಜಾಗೃತಿ ಮೂಡಿಸಲಾಗುತ್ತಿದೆ ಎಂದು ಸಂಚಾರ ಪೊಲೀಸರು ತಿಳಿಸಿದ್ದಾರೆ.
ತಾಲೂಕು ಮಟ್ಟದ ಗ್ಯಾರಂಟಿ ಯೋಜನೆಗಳ
ಅನುಷ್ಠಾನದ ಪ್ರಗತಿ ಪರಿಶೀಲನೆ ಸಭೆ
ದಕ್ಷಿಣ ಕನ್ನಡ
ದೂರ ದೃಷ್ಟಿ ವಾರ್ತಾ
ವೇಳಿಲ್ಲಾಟಾಗಿ ಮಂಗಳೂರು: ಮಂಗಳೂರು ತಾಲೂಕು ಮಟ್ಟದ ಗ್ಯಾರಂಟಿ ಯೋಜನೆಗಳ ಅನುಷ್ಠಾನ ಸಮಿತಿಯ ಅಧ್ಯಕ್ಷರಾದ ಮೆರಿಲ್ ರೇಗೊ ಅವರ ಅಧ್ಯಕ್ಷತೆಯಲ್ಲಿ ಮಂಗಳೂರು ತಾಲೂಕು ಪಂಚಾಯತ್ ಸಭಾಂಗಣದಲ್ಲಿ ಜರುಗಿತು. ಸಭೆಯ ಪ್ರಾರಂಭದಲ್ಲಿ ಮಾತನಾಡಿದ ತಾಲೂಕು ಪಂಚಾಯತ್ ಕಾರ್ಯನಿರ್ವಾಹಕ ಅಧಿಕಾರಿ ಮಹೇಶ್ ಕುಮಾರ್ ಹೊಳ್ಳ ಕರ್ನಾಟಕ ಸರ್ಕಾರದ ಪಂಚ ಗ್ಯಾರಂಟಿ ಯೋಜನೆಗಳ ಸಮರ್ಪಕ ಅನುಷ್ಠಾನ ಹಾಗೂ
ಮುಂದಿನ ಆದೇಶದವರೆಗೆ ಗ್ಯಾರಂಟಿ ಯೋಜನೆಗಳ ಅನುಷ್ಠಾನ ಸಮಿತಿಯ ಅವಧಿಯನ್ನು ವಿಸ್ತರಿಸಿರುವ ಬಗ್ಗೆ ತಿಳಿಸಿದರು. ಇನ್ನು ಮುಂಬರುವ ಮುಂಗಾರು ಮಳೆಯ ಸಮಯದಲ್ಲಿ ವಿದ್ಯುತ್ ಅವಘಡಗಳನ್ನು ತಡೆಗಟ್ಟಲು ಮತ್ತು ಸಾರ್ವಜನಿಕರ ಸುರಕ್ಷತೆಯನ್ನು ಖಚಿತಪಡಿಸಿಕೊಳ್ಳಲು ಮೆಸ್ಕಾಂ ಹಲವಾರು ಮುನ್ನೆಚ್ಚರಿಕೆ ಕ್ರಮಗಳನ್ನು ಕೈಗೊಂಡಿದೆ. ಪ್ರತಿಯೊಂದು ಉಪವಿಭಾಗಕ್ಕೆ ಈಗಾಗಲೇ 6 ಗ್ಯಾಂಗ್ ಮ್ಯಾನ್ ಹಾಗೂ ಗಾಡಿ ವ್ಯವಸ್ಥೆಯ ಸಿದ್ಧತೆ ಮಾಡಿಕೊಳ್ಳಲಾಗಿದೆ ಎಂದು ಮೆಸ್ಕಾಂ ಅಧಿಕಾರಿಗಳು ಸಭೆಗೆ
ಮಾಹಿತಿ ನೀಡಿದರು. ವೇದಿಕೆಯಲ್ಲಿ ತಾಲೂಕು ಪಂಚಾಯತ್ ಯೋಜನಾಧಿಕಾರಿ ಸಂಕನ್ನು ಉಪಸ್ಥಿತರಿದ್ದು, ಸಭೆಯಲ್ಲಿ ಜಿಲ್ಲಾ ಗ್ಯಾರಂಟಿ ಯೋಜನೆ ಅನುಷ್ಠಾನ ಸಮಿತಿ ಸದಸ್ಯರಾದ ಅಲ್ಬರ್ಟ್ ಡಿ ಕುನ್ಹ, ತಾಲೂಕು ಗ್ಯಾರಂಟಿ ಯೋಜನೆ ಅನುಷ್ಠಾನ ಸಮಿತಿ ಸದಸ್ಯರಾದ, ಪ್ರಶಾಂತ್ ಎಸ್, ನವಾಜ್, ಶೈಲಾ ನೀತಾ ಡಿ ಸೋಜಾ, ವಿದ್ಯಾ ಡಿ. ಎಂ. ಮುಸ್ತಾಫ ಹಾಗೂ ಸಂಬಂಧಪಟ್ಟ ಇಲಾಖಾ ಅಧಿಕಾರಿಗಳು, ತಾಲೂಕು ಪಂಚಾಯತ್ ವ್ಯವಸ್ಥಾಪಕರ ಸುದರ್ಶನ್ ಹೆಗಡೆ ಹಾಗೂ ಮತ್ತಿತರರು ಹಾಜರಿದ್ದರು.
ಸಮಾಜಮುಖಿ ಸಂಸ್ಥೆಗಳು ಹೆಚ್ಚಲಿ
ದೂರ ದೃಷ್ಟಿ ವಾರ್ತಾ	ಕಲಬುರಗಿ: ಸ್ವಾರ್ಥತೆ ಪ್ರಮುಖವಾಗಿರುವ ಪ್ರಸ್ತುತ ದಿನಗಳಲ್ಲಿ ಅತ್ಯಂತ ಬೆಲೆಯುಳ್ಳ ಅಪರೂಪದ್ದು ಎಂದರೆ ಸಮಾಜ ಸೇವೆ. ಸಮಾಜದಲ್ಲಿರುವ ಅವಶ್ಯಕತೆಯಿರುವವರು, ಅಸಹಾಯಕರಿಗೆ ಸೇವೆ ನೀಡುವುದು, ಪರಿಸರ ಸಂರಕ್ಷಣೆ, ಆರೋಗ್ಯ, ಶಿಕ್ಷಣ ಬಗ್ಗೆ ಜನಜಾಗೃತಿ, ಮಹನೀಯರ ಸಂದೇಶ ಸಮಾಜಕ್ಕೆ ಮುಟ್ಟಿಸುವುದು ಸೇರಿದಂತೆ ಮುಂತಾದ ಸಮಾಜಮುಖಿ ಕಾರ್ಯಗಳನ್ನು ನಿಸ್ವಾರ್ಥವಾಗಿ ಮಾಡುವ ನೈಜ ಸಮಾಜ ಸೇವಕರು, ಸಂಸ್ಥೆಗಳು ರಾಷ್ಟ್ರದ ಅಮೂಲ್ಯ ಆಸ್ತಿಯಾಗಿದ್ದು, ಅಂತಹ ವ್ಯಕ್ತಿ, ಸಂಸ್ಥೆಗಳ ಸಂಖ್ಯೆ ಹೆಚ್ಚಾಗುವ ಅವಶ್ಯಕತೆಯಿದೆ ಎಂದು ಸಂಶೋಧಕ-ಸಾಹಿತಿ ಮುಡುಬಿ ಗುಂಡೇರಾವ ಅಭಿಪ್ರಾಯಪಟ್ಟರು. ನಗರದ ಆಳಂದ ರಸ್ತೆಯ ಜಾಗೃತಿ ಕಾಲೋನಿಯ 'ಸಕ್ಷಮ ಕಂಪ್ಯೂಟರ್ ತರಬೇತಿ ಕೇಂದ್ರ'ದಲ್ಲಿ ಬುಧವಾರ ಜರುಗಿದ 'ಜಿಡಿಎಸ್ ಸಮಾಜ ಸೇವಾ ಬಳಗ'ದ 9ನೇ ವಾರ್ಷಿಕೋತ್ಸವ ಕಾರ್ಯಕ್ರಮವನ್ನು ಉದ್ಘಾಟಿಸಿ ಅವರು ಮಾತನಾಡುತ್ತಿದ್ದರು. ಬಸವೇಶ್ವರ ಸಮಾಜ ಸೇವಾ ಬಳಗವು ಕಳೆದ 9 ವರ್ಷಗಳಿಂದ ನಿಸ್ವಾರ್ಥವಾಗಿ ಸೇವೆಯನ್ನು ಮಾಡುತ್ತಿದೆ. ಇಂದಿಗೆ 6906 ಸಮಾಜ ಮುಖಿ ಕಾರ್ಯಕ್ರಮಗಳನ್ನು ಹಮ್ಮಿಕೊಂಡು ಸೇವೆ ಸಲ್ಲಿಸಿದೆ. ವಿಶೇಷವಾಗಿ ಕೋವಿಡ್ ಸಂದರ್ಭದಲ್ಲಿ ಸಾವಿರಾರು ಜನರಿಗೆ ಆಹಾರ, ನೀರು, ಮಜ್ಜಿಗೆ, ಮಾಸ್ಕ್ ಸ್ಯಾನಿಟೈಸರ್ ವಿತರಣೆ, ಕೋವಿಡ್ ಜಾಗೃತಿಯ ಕೆಲಸವನ್ನು ಮಾಡಿದೆ. ವಿವಿಧ ವಲಯಗಳಾದ ಪರಿಸರ, ಆರೋಗ್ಯ, ಶಿಕ್ಷಣ, ಕೃಷಿ, ಕ್ರೀಡಾ ಕಲೆ, ಸೇವಾ ವಲಯ, ಗಿಡ ನೆಡುವುದು, ಉಚಿತ ಆರೋಗ್ಯ ತಪಾಸಣೆ ಮತ್ತು ಔಷಧಿ ವಿತರಣೆ, ಶೈಕ್ಷಣಿಕ ಹಾಗೂ ವೃತ್ತಿ ಮಾರ್ಗದರ್ಶನ ಶಿಬಿರ, ವ್ಯಕ್ತಿತ್ವ ವಿಕಾಸ ಹಾಗೂ ಕೌಶಲ ಅಭಿವೃದ್ಧಿ ಶಿಬಿರ, ಜಲ ಜಾಗೃತಿ, ಮಹನೀಯರ ಜೀವನ-ಸಾಧನೆ, ಸಂವಿಧಾನದ ಸಾವಿರಾರು ಪುಸ್ತಕಗಳ ಉಚಿತ ವಿತರಣೆ, ವಿಶ್ವದ ಎಲ್ಲಾ ಮಹನೀಯರ ಜಯಂತಿ, ಸ್ಮರಣೆ, ಜಿಲ್ಲೆಯ ಐತಿಹಾಸಿಕ ಸ್ಥಳಗಳ ಪರಿಚಯಾತ್ಮಕ ಸರಣಿ ಕಾರ್ಯಕ್ರಮಗಳು ಸೇರಿದಂತೆ ಮುಂತಾದ ಸಮಾಜ ಸೇವೆಯನ್ನು ದೇಶಿಯವಿದೆ ನಿರಂತರವಾಗಿ ಸಲ್ಲಿಸುತ್ತಿದ್ದು ಸಮಾಜಕ್ಕೆ ಮಾದರಿಯಾಗಿದೆ.
